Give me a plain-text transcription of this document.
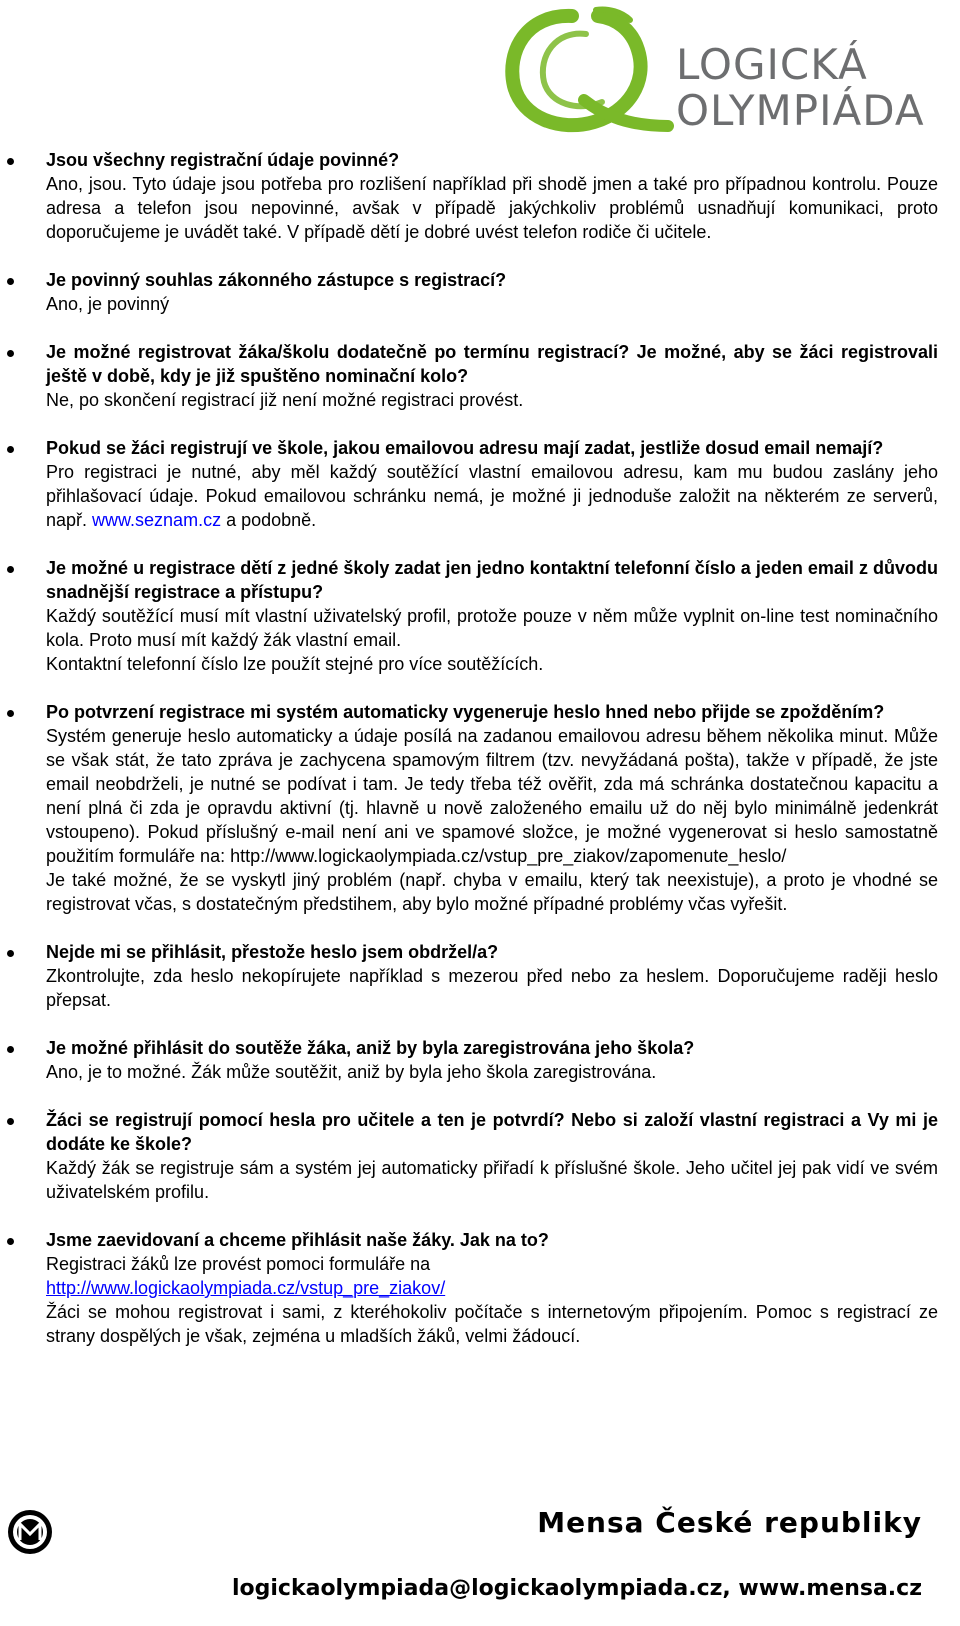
LOGICKÁ
OLYMPIÁDA
Jsou všechny registrační údaje povinné?
Ano, jsou. Tyto údaje jsou potřeba pro rozlišení například při shodě jmen a také pro případnou kontrolu. Pouze adresa a telefon jsou nepovinné, avšak v případě jakýchkoliv problémů usnadňují komunikaci, proto doporučujeme je uvádět také. V případě dětí je dobré uvést telefon rodiče či učitele.
Je povinný souhlas zákonného zástupce s registrací?
Ano, je povinný
Je možné registrovat žáka/školu dodatečně po termínu registrací? Je možné, aby se žáci registrovali ještě v době, kdy je již spuštěno nominační kolo?
Ne, po skončení registrací již není možné registraci provést.
Pokud se žáci registrují ve škole, jakou emailovou adresu mají zadat, jestliže dosud email nemají?
Pro registraci je nutné, aby měl každý soutěžící vlastní emailovou adresu, kam mu budou zaslány jeho přihlašovací údaje. Pokud emailovou schránku nemá, je možné ji jednoduše založit na některém ze serverů, např. www.seznam.cz a podobně.
Je možné u registrace dětí z jedné školy zadat jen jedno kontaktní telefonní číslo a jeden email z důvodu snadnější registrace a přístupu?
Každý soutěžící musí mít vlastní uživatelský profil, protože pouze v něm může vyplnit on-line test nominačního kola. Proto musí mít každý žák vlastní email.
Kontaktní telefonní číslo lze použít stejné pro více soutěžících.
Po potvrzení registrace mi systém automaticky vygeneruje heslo hned nebo přijde se zpožděním?
Systém generuje heslo automaticky a údaje posílá na zadanou emailovou adresu během několika minut. Může se však stát, že tato zpráva je zachycena spamovým filtrem (tzv. nevyžádaná pošta), takže v případě, že jste email neobdrželi, je nutné se podívat i tam. Je tedy třeba též ověřit, zda má schránka dostatečnou kapacitu a není plná či zda je opravdu aktivní (tj. hlavně u nově založeného emailu už do něj bylo minimálně jedenkrát vstoupeno). Pokud příslušný e-mail není ani ve spamové složce, je možné vygenerovat si heslo samostatně použitím formuláře na: http://www.logickaolympiada.cz/vstup_pre_ziakov/zapomenute_heslo/
Je také možné, že se vyskytl jiný problém (např. chyba v emailu, který tak neexistuje), a proto je vhodné se registrovat včas, s dostatečným předstihem, aby bylo možné případné problémy včas vyřešit.
Nejde mi se přihlásit, přestože heslo jsem obdržel/a?
Zkontrolujte, zda heslo nekopírujete například s mezerou před nebo za heslem. Doporučujeme raději heslo přepsat.
Je možné přihlásit do soutěže žáka, aniž by byla zaregistrována jeho škola?
Ano, je to možné. Žák může soutěžit, aniž by byla jeho škola zaregistrována.
Žáci se registrují pomocí hesla pro učitele a ten je potvrdí? Nebo si založí vlastní registraci a Vy mi je dodáte ke škole?
Každý žák se registruje sám a systém jej automaticky přiřadí k příslušné škole. Jeho učitel jej pak vidí ve svém uživatelském profilu.
Jsme zaevidovaní a chceme přihlásit naše žáky. Jak na to?
Registraci žáků lze provést pomoci formuláře na
http://www.logickaolympiada.cz/vstup_pre_ziakov/
Žáci se mohou registrovat i sami, z kteréhokoliv počítače s internetovým připojením. Pomoc s registrací ze strany dospělých je však, zejména u mladších žáků, velmi žádoucí.
Mensa České republiky
logickaolympiada@logickaolympiada.cz, www.mensa.cz
